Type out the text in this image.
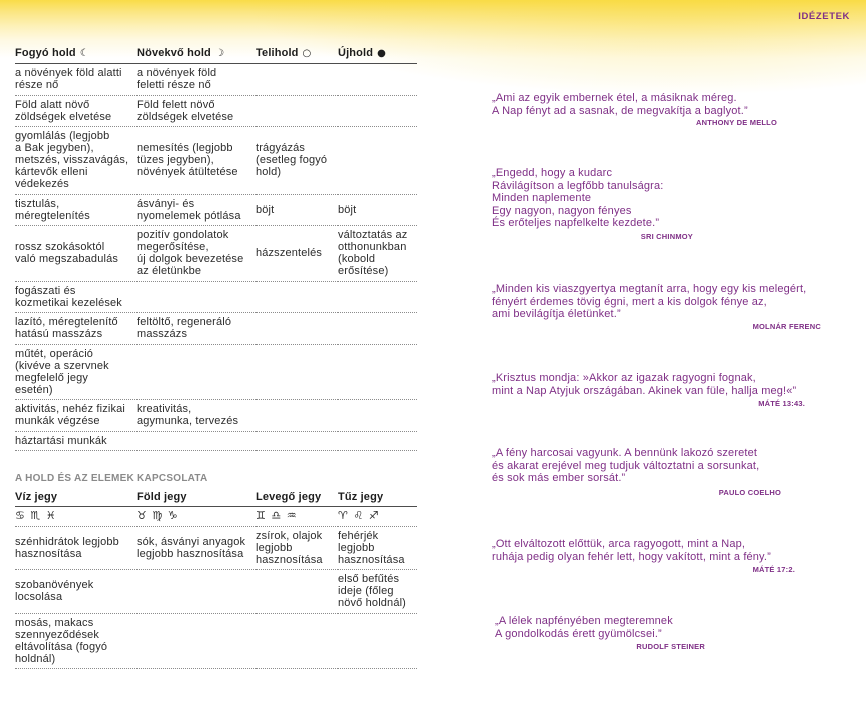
IDÉZETEK
Fogyó hold ☾	Növekvő hold ☽	Telihold ○	Újhold ●
a növények föld alatti
része nő	a növények föld
feletti része nő		
Föld alatt növő
zöldségek elvetése	Föld felett növő
zöldségek elvetése		
gyomlálás (legjobb
a Bak jegyben),
metszés, visszavágás,
kártevők elleni
védekezés	nemesítés (legjobb
tüzes jegyben),
növények átültetése	trágyázás
(esetleg fogyó
hold)	
tisztulás,
méregtelenítés	ásványi- és
nyomelemek pótlása	böjt	böjt
rossz szokásoktól
való megszabadulás	pozitív gondolatok
megerősítése,
új dolgok bevezetése
az életünkbe	házszentelés	változtatás az
otthonunkban
(kobold
erősítése)
fogászati és
kozmetikai kezelések			
lazító, méregtelenítő
hatású masszázs	feltöltő, regeneráló
masszázs		
műtét, operáció
(kivéve a szervnek
megfelelő jegy
esetén)			
aktivitás, nehéz fizikai
munkák végzése	kreativitás,
agymunka, tervezés		
háztartási munkák			
A HOLD ÉS AZ ELEMEK KAPCSOLATA
Víz jegy	Föld jegy	Levegő jegy	Tűz jegy
♋ ♏ ♓	♉ ♍ ♑	♊ ♎ ♒	♈ ♌ ♐
szénhidrátok legjobb
hasznosítása	sók, ásványi anyagok
legjobb hasznosítása	zsírok, olajok
legjobb
hasznosítása	fehérjék
legjobb
hasznosítása
szobanövények
locsolása			első befűtés
ideje (főleg
növő holdnál)
mosás, makacs
szennyeződések
eltávolítása (fogyó
holdnál)			
„Ami az egyik embernek étel, a másiknak méreg.
A Nap fényt ad a sasnak, de megvakítja a baglyot.”
ANTHONY DE MELLO
„Engedd, hogy a kudarc
Rávilágítson a legfőbb tanulságra:
Minden naplemente
Egy nagyon, nagyon fényes
És erőteljes napfelkelte kezdete.”
SRI CHINMOY
„Minden kis viaszgyertya megtanít arra, hogy egy kis melegért,
fényért érdemes tövig égni, mert a kis dolgok fénye az,
ami bevilágítja életünket.”
MOLNÁR FERENC
„Krisztus mondja: »Akkor az igazak ragyogni fognak,
mint a Nap Atyjuk országában. Akinek van füle, hallja meg!«”
MÁTÉ 13:43.
„A fény harcosai vagyunk. A bennünk lakozó szeretet
és akarat erejével meg tudjuk változtatni a sorsunkat,
és sok más ember sorsát.”
PAULO COELHO
„Ott elváltozott előttük, arca ragyogott, mint a Nap,
ruhája pedig olyan fehér lett, hogy vakított, mint a fény.”
MÁTÉ 17:2.
„A lélek napfényében megteremnek
A gondolkodás érett gyümölcsei.”
RUDOLF STEINER
